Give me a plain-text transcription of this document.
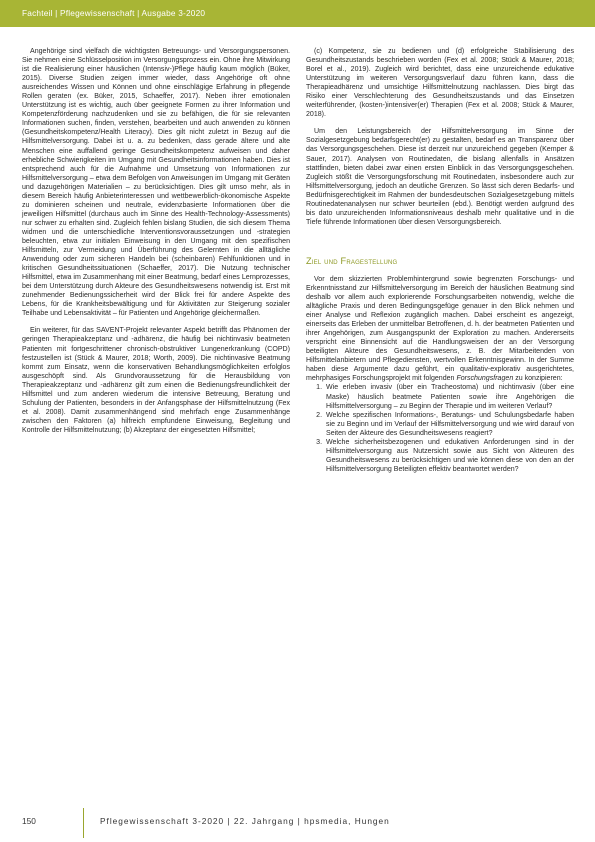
Fachteil | Pflegewissenschaft | Ausgabe 3-2020

Angehörige sind vielfach die wichtigsten Betreuungs- und Versorgungspersonen. Sie nehmen eine Schlüsselposition im Versorgungsprozess ein. Ohne ihre Mitwirkung ist die Realisierung einer häuslichen (Intensiv-)Pflege häufig kaum möglich (Büker, 2015). Diverse Studien zeigen immer wieder, dass Angehörige oft ohne ausreichendes Wissen und Können und ohne einschlägige Erfahrung in pflegende Rollen geraten (ex. Büker, 2015, Schaeffer, 2017). Neben ihrer emotionalen Unterstützung ist es wichtig, auch über geeignete Formen zu ihrer Information und Kompetenzförderung nachzudenken und sie zu befähigen, die für sie relevanten Informationen suchen, finden, verstehen, bearbeiten und auch anwenden zu können (Gesundheitskompetenz/Health Literacy). Dies gilt nicht zuletzt in Bezug auf die Hilfsmittelversorgung. Dabei ist u. a. zu bedenken, dass gerade ältere und alte Menschen eine auffallend geringe Gesundheitskompetenz aufweisen und daher erhebliche Schwierigkeiten im Umgang mit Gesundheitsinformationen haben. Dies ist entsprechend auch für die Aufnahme und Umsetzung von Informationen zur Hilfsmittelversorgung – etwa dem Befolgen von Anweisungen im Umgang mit Geräten und dazugehörigen Materialien – zu berücksichtigen. Dies gilt umso mehr, als in diesem Bereich häufig Anbieterinteressen und wettbewerblich-ökonomische Aspekte zu dominieren scheinen und neutrale, evidenzbasierte Informationen über die jeweiligen Hilfsmittel (durchaus auch im Sinne des Health-Technology-Assessments) nur schwer zu erhalten sind. Zugleich fehlen bislang Studien, die sich diesem Thema widmen und die unterschiedliche Interventionsvoraussetzungen und -strategien beleuchten, etwa zur initialen Einweisung in den Umgang mit den spezifischen Hilfsmitteln, zur Vermeidung und Überführung des Gelernten in die alltägliche Anwendung oder zum sicheren Handeln bei (scheinbaren) Fehlfunktionen und in kritischen Gesundheitssituationen (Schaeffer, 2017). Die Nutzung technischer Hilfsmittel, etwa im Zusammenhang mit einer Beatmung, bedarf eines Lernprozesses, bei dem Unterstützung durch Akteure des Gesundheitswesens notwendig ist. Erst mit zunehmender Bedienungssicherheit wird der Blick frei für andere Aspekte des Lebens, für die Krankheitsbewältigung und für Aktivitäten zur Steigerung sozialer Teilhabe und Lebensaktivität – für Patienten und Angehörige gleichermaßen.

Ein weiterer, für das SAVENT-Projekt relevanter Aspekt betrifft das Phänomen der geringen Therapieakzeptanz und -adhärenz, die häufig bei nichtinvasiv beatmeten Patienten mit fortgeschrittener chronisch-obstruktiver Lungenerkrankung (COPD) festzustellen ist (Stück & Maurer, 2018; Worth, 2009). Die nichtinvasive Beatmung kommt zum Einsatz, wenn die konservativen Behandlungsmöglichkeiten erfolglos ausgeschöpft sind. Als Grundvoraussetzung für die Herausbildung von Therapieakzeptanz und -adhärenz gilt zum einen die Bedienungsfreundlichkeit der Hilfsmittel und zum anderen wiederum die intensive Betreuung, Beratung und Schulung der Patienten, besonders in der Anfangsphase der Hilfsmittelnutzung (Fex et al. 2008). Damit zusammenhängend sind mehrfach enge Zusammenhänge zwischen den Faktoren (a) hilfreich empfundene Einweisung, Begleitung und Kontrolle der Hilfsmittelnutzung; (b) Akzeptanz der eingesetzten Hilfsmittel;

(c) Kompetenz, sie zu bedienen und (d) erfolgreiche Stabilisierung des Gesundheitszustands beschrieben worden (Fex et al. 2008; Stück & Maurer, 2018; Borel et al., 2019). Zugleich wird berichtet, dass eine unzureichende edukative Unterstützung im weiteren Versorgungsverlauf dazu führen kann, dass die Therapieadhärenz und umsichtige Hilfsmittelnutzung nachlassen. Dies birgt das Risiko einer Verschlechterung des Gesundheitszustands und das Einsetzen weiterführender, (kosten-)intensiver(er) Therapien (Fex et al. 2008; Stück & Maurer, 2018).

Um den Leistungsbereich der Hilfsmittelversorgung im Sinne der Sozialgesetzgebung bedarfsgerecht(er) zu gestalten, bedarf es an Transparenz über das Versorgungsgeschehen. Diese ist derzeit nur unzureichend gegeben (Kemper & Sauer, 2017). Analysen von Routinedaten, die bislang allenfalls in Ansätzen stattfinden, bieten dabei zwar einen ersten Einblick in das Versorgungsgeschehen. Zugleich stößt die Versorgungsforschung mit Routinedaten, insbesondere auch zur Hilfsmittelversorgung, jedoch an deutliche Grenzen. So lässt sich deren Bedarfs- und Bedürfnisgerechtigkeit im Rahmen der bundesdeutschen Sozialgesetzgebung mittels Routinedatenanalysen nur schwer beurteilen (ebd.). Benötigt werden aufgrund des bis dato unzureichenden Informationsniveaus deshalb mehr qualitative und in die Tiefe führende Informationen über diesen Versorgungsbereich.

Ziel und Fragestellung

Vor dem skizzierten Problemhintergrund sowie begrenzten Forschungs- und Erkenntnisstand zur Hilfsmittelversorgung im Bereich der häuslichen Beatmung sind deshalb vor allem auch explorierende Forschungsarbeiten notwendig, welche die alltägliche Praxis und deren Bedingungsgefüge genauer in den Blick nehmen und einer Analyse und Reflexion zugänglich machen. Dabei erscheint es angezeigt, einerseits das Erleben der unmittelbar Betroffenen, d. h. der beatmeten Patienten und ihrer Angehörigen, zum Ausgangspunkt der Exploration zu machen. Andererseits verspricht eine Binnensicht auf die Handlungsweisen der an der Versorgung beteiligten Akteure des Gesundheitswesens, z. B. der Mitarbeitenden von Hilfsmittelanbietern und Pflegediensten, wertvollen Erkenntnisgewinn. In der Summe haben diese Argumente dazu geführt, ein qualitativ-explorativ ausgerichtetes, mehrphasiges Forschungsprojekt mit folgenden Forschungsfragen zu konzipieren:

1. Wie erleben invasiv (über ein Tracheostoma) und nichtinvasiv (über eine Maske) häuslich beatmete Patienten sowie ihre Angehörigen die Hilfsmittelversorgung – zu Beginn der Therapie und im weiteren Verlauf?
2. Welche spezifischen Informations-, Beratungs- und Schulungsbedarfe haben sie zu Beginn und im Verlauf der Hilfsmittelversorgung und wie wird darauf von Seiten der Akteure des Gesundheitswesens reagiert?
3. Welche sicherheitsbezogenen und edukativen Anforderungen sind in der Hilfsmittelversorgung aus Nutzersicht sowie aus Sicht von Akteuren des Gesundheitswesens zu berücksichtigen und wie können diese von den an der Hilfsmittelversorgung Beteiligten effektiv beantwortet werden?
150	Pflegewissenschaft 3-2020 | 22. Jahrgang | hpsmedia, Hungen
